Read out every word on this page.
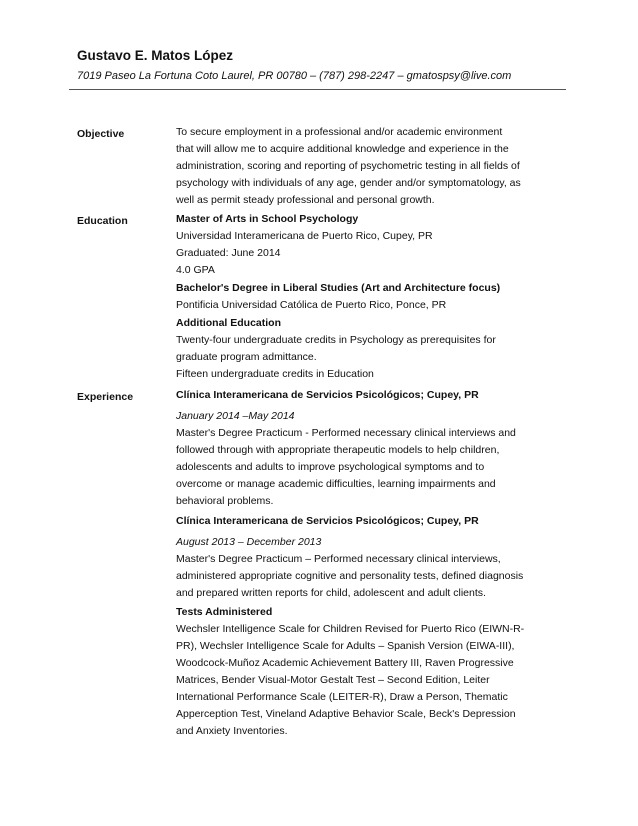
Gustavo E. Matos López
7019 Paseo La Fortuna Coto Laurel, PR 00780 – (787) 298-2247 – gmatospsy@live.com
Objective	To secure employment in a professional and/or academic environment
that will allow me to acquire additional knowledge and experience in the
administration, scoring and reporting of psychometric testing in all fields of
psychology with individuals of any age, gender and/or symptomatology, as
well as permit steady professional and personal growth.
Education	Master of Arts in School Psychology
Universidad Interamericana de Puerto Rico, Cupey, PR
Graduated: June 2014
4.0 GPA
Bachelor's Degree in Liberal Studies (Art and Architecture focus)
Pontificia Universidad Católica de Puerto Rico, Ponce, PR
Additional Education
Twenty-four undergraduate credits in Psychology as prerequisites for
graduate program admittance.
Fifteen undergraduate credits in Education
Experience	Clínica Interamericana de Servicios Psicológicos; Cupey, PR
January 2014 –May 2014
Master's Degree Practicum - Performed necessary clinical interviews and
followed through with appropriate therapeutic models to help children,
adolescents and adults to improve psychological symptoms and to
overcome or manage academic difficulties, learning impairments and
behavioral problems.
Clínica Interamericana de Servicios Psicológicos; Cupey, PR
August 2013 – December 2013
Master's Degree Practicum – Performed necessary clinical interviews,
administered appropriate cognitive and personality tests, defined diagnosis
and prepared written reports for child, adolescent and adult clients.
Tests Administered
Wechsler Intelligence Scale for Children Revised for Puerto Rico (EIWN-R-
PR), Wechsler Intelligence Scale for Adults – Spanish Version (EIWA-III),
Woodcock-Muñoz Academic Achievement Battery III, Raven Progressive
Matrices, Bender Visual-Motor Gestalt Test – Second Edition, Leiter
International Performance Scale (LEITER-R), Draw a Person, Thematic
Apperception Test, Vineland Adaptive Behavior Scale, Beck's Depression
and Anxiety Inventories.
